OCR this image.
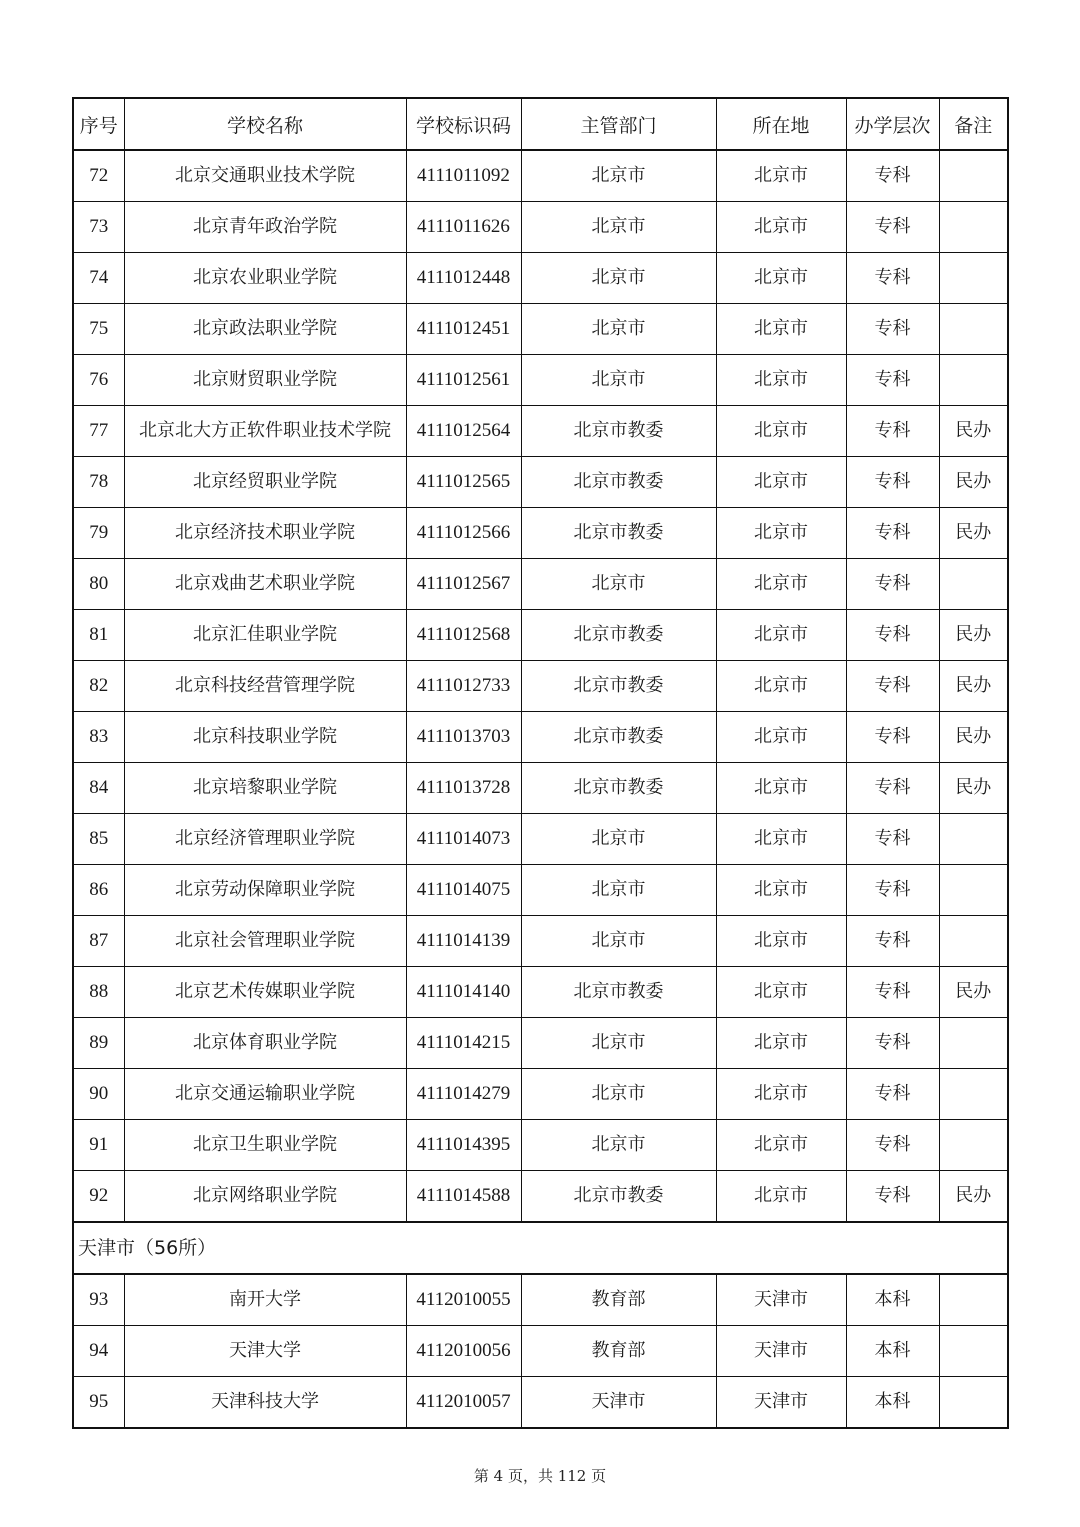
序号	学校名称	学校标识码	主管部门	所在地	办学层次	备注
72	北京交通职业技术学院	4111011092	北京市	北京市	专科	
73	北京青年政治学院	4111011626	北京市	北京市	专科	
74	北京农业职业学院	4111012448	北京市	北京市	专科	
75	北京政法职业学院	4111012451	北京市	北京市	专科	
76	北京财贸职业学院	4111012561	北京市	北京市	专科	
77	北京北大方正软件职业技术学院	4111012564	北京市教委	北京市	专科	民办
78	北京经贸职业学院	4111012565	北京市教委	北京市	专科	民办
79	北京经济技术职业学院	4111012566	北京市教委	北京市	专科	民办
80	北京戏曲艺术职业学院	4111012567	北京市	北京市	专科	
81	北京汇佳职业学院	4111012568	北京市教委	北京市	专科	民办
82	北京科技经营管理学院	4111012733	北京市教委	北京市	专科	民办
83	北京科技职业学院	4111013703	北京市教委	北京市	专科	民办
84	北京培黎职业学院	4111013728	北京市教委	北京市	专科	民办
85	北京经济管理职业学院	4111014073	北京市	北京市	专科	
86	北京劳动保障职业学院	4111014075	北京市	北京市	专科	
87	北京社会管理职业学院	4111014139	北京市	北京市	专科	
88	北京艺术传媒职业学院	4111014140	北京市教委	北京市	专科	民办
89	北京体育职业学院	4111014215	北京市	北京市	专科	
90	北京交通运输职业学院	4111014279	北京市	北京市	专科	
91	北京卫生职业学院	4111014395	北京市	北京市	专科	
92	北京网络职业学院	4111014588	北京市教委	北京市	专科	民办
天津市（56所）						
93	南开大学	4112010055	教育部	天津市	本科	
94	天津大学	4112010056	教育部	天津市	本科	
95	天津科技大学	4112010057	天津市	天津市	本科	
第 4 页，共 112 页
